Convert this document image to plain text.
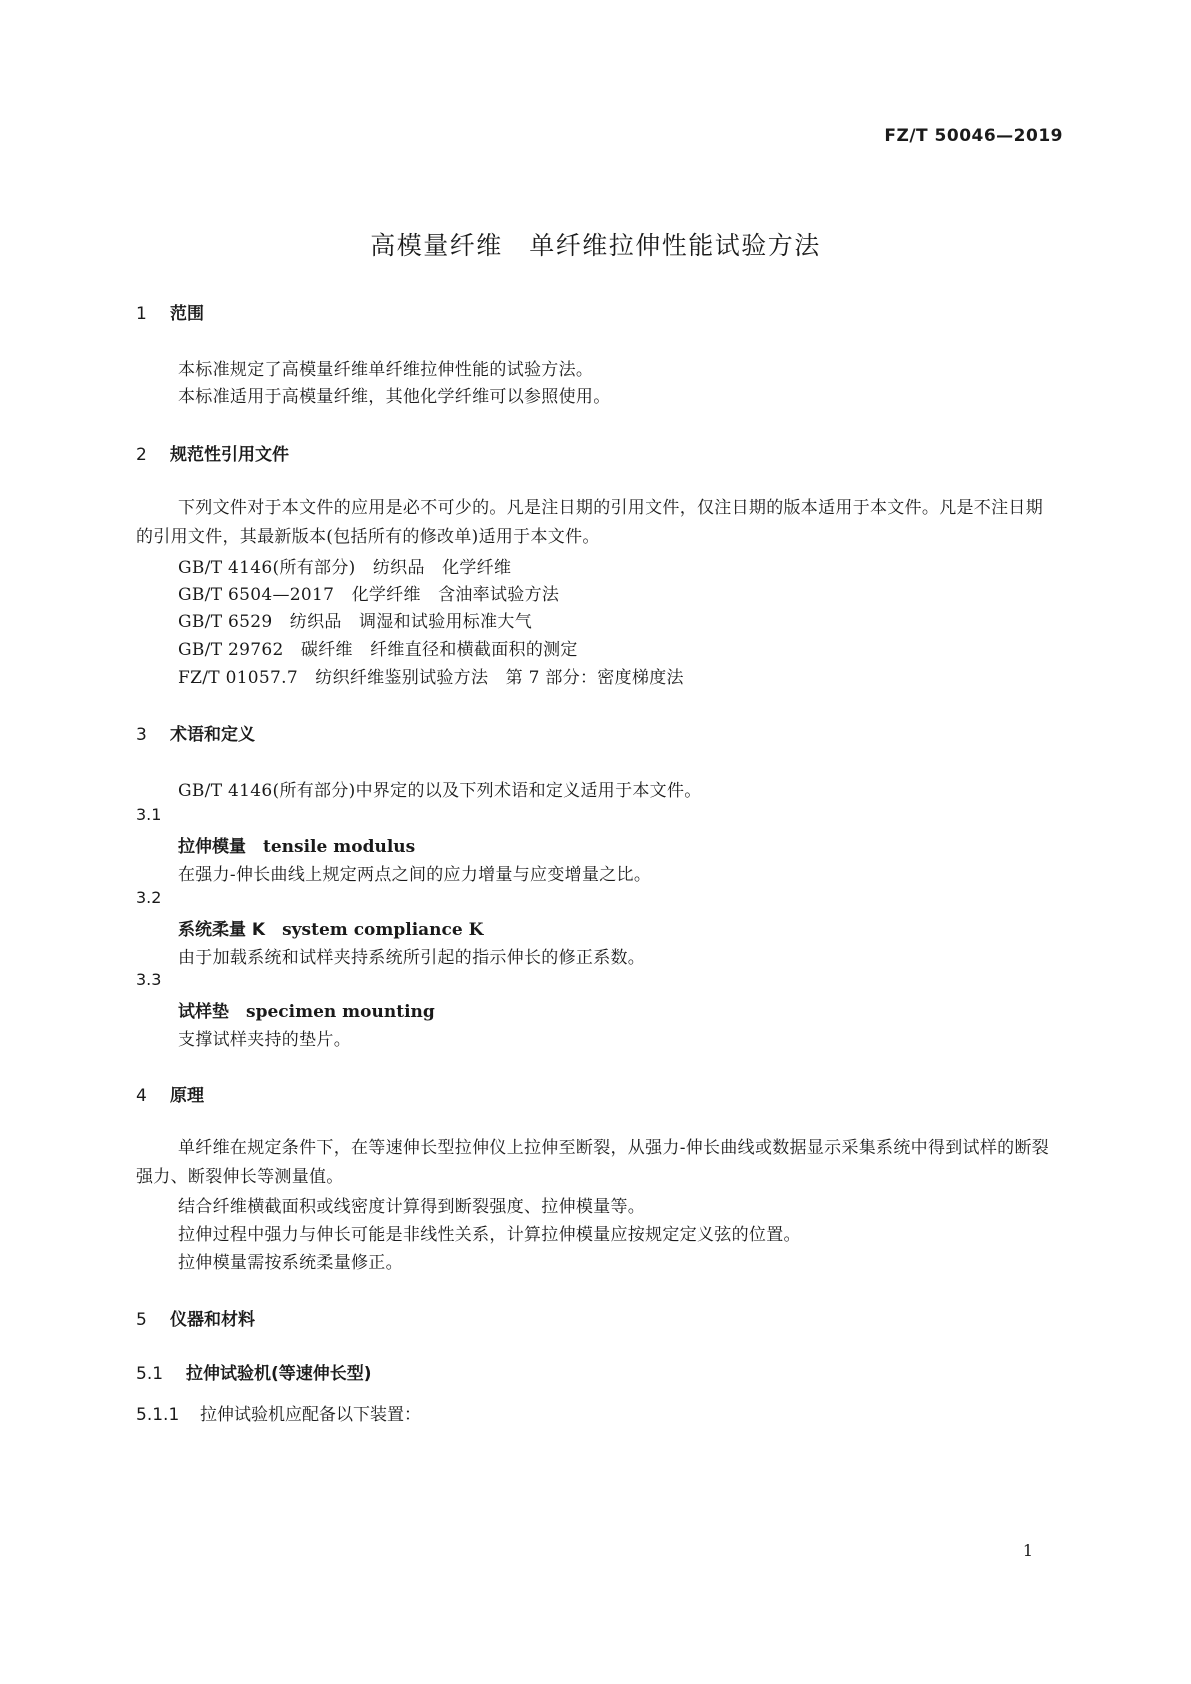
FZ/T 50046—2019
高模量纤维　单纤维拉伸性能试验方法
1 范围
本标准规定了高模量纤维单纤维拉伸性能的试验方法。
本标准适用于高模量纤维，其他化学纤维可以参照使用。
2 规范性引用文件
下列文件对于本文件的应用是必不可少的。凡是注日期的引用文件，仅注日期的版本适用于本文件。凡是不注日期的引用文件，其最新版本(包括所有的修改单)适用于本文件。
GB/T 4146(所有部分)　纺织品　化学纤维
GB/T 6504—2017　化学纤维　含油率试验方法
GB/T 6529　纺织品　调湿和试验用标准大气
GB/T 29762　碳纤维　纤维直径和横截面积的测定
FZ/T 01057.7　纺织纤维鉴别试验方法　第 7 部分：密度梯度法
3 术语和定义
GB/T 4146(所有部分)中界定的以及下列术语和定义适用于本文件。
3.1
拉伸模量　 tensile modulus
在强力-伸长曲线上规定两点之间的应力增量与应变增量之比。
3.2
系统柔量 K　 system compliance K
由于加载系统和试样夹持系统所引起的指示伸长的修正系数。
3.3
试样垫　 specimen mounting
支撑试样夹持的垫片。
4 原理
单纤维在规定条件下，在等速伸长型拉伸仪上拉伸至断裂，从强力-伸长曲线或数据显示采集系统中得到试样的断裂强力、断裂伸长等测量值。
结合纤维横截面积或线密度计算得到断裂强度、拉伸模量等。
拉伸过程中强力与伸长可能是非线性关系，计算拉伸模量应按规定定义弦的位置。
拉伸模量需按系统柔量修正。
5 仪器和材料
5.1 拉伸试验机(等速伸长型)
5.1.1 拉伸试验机应配备以下装置：
1
